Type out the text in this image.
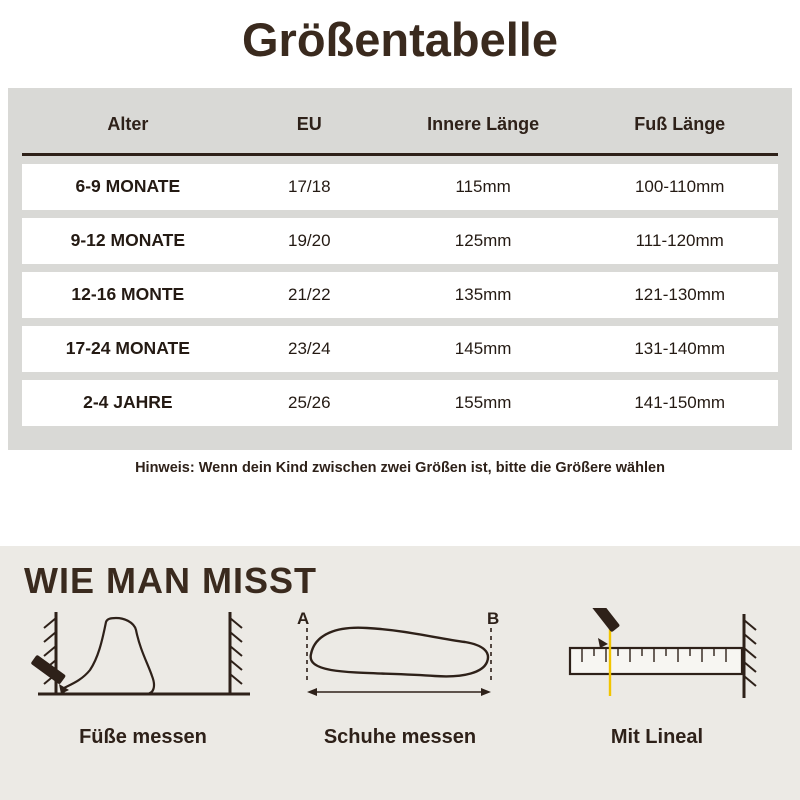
Größentabelle
Alter	EU	Innere Länge	Fuß Länge

6-9 MONATE	17/18	115mm	100-110mm
9-12 MONATE	19/20	125mm	111-120mm
12-16 MONTE	21/22	135mm	121-130mm
17-24 MONATE	23/24	145mm	131-140mm
2-4 JAHRE	25/26	155mm	141-150mm
Hinweis: Wenn dein Kind zwischen zwei Größen ist, bitte die Größere wählen
WIE MAN MISST
Füße messen
A	B
Schuhe messen	Mit Lineal
